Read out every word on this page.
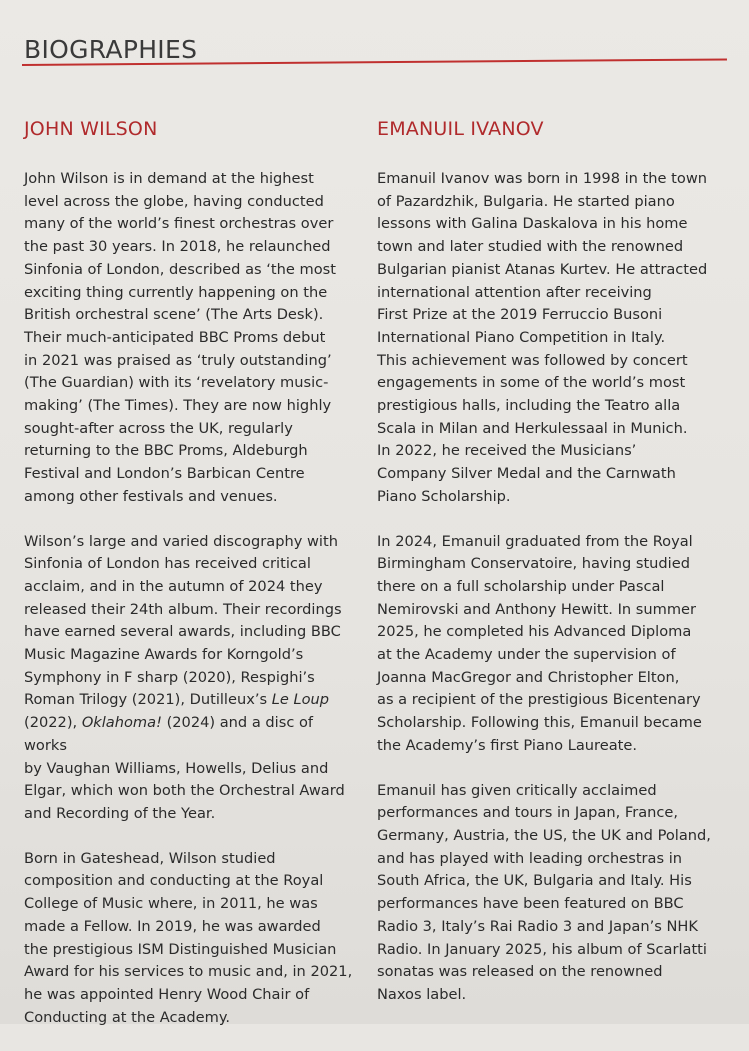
BIOGRAPHIES
JOHN WILSON

John Wilson is in demand at the highest
level across the globe, having conducted
many of the world’s finest orchestras over
the past 30 years. In 2018, he relaunched
Sinfonia of London, described as ‘the most
exciting thing currently happening on the
British orchestral scene’ (The Arts Desk).
Their much-anticipated BBC Proms debut
in 2021 was praised as ‘truly outstanding’
(The Guardian) with its ‘revelatory music-
making’ (The Times). They are now highly
sought-after across the UK, regularly
returning to the BBC Proms, Aldeburgh
Festival and London’s Barbican Centre
among other festivals and venues.

Wilson’s large and varied discography with
Sinfonia of London has received critical
acclaim, and in the autumn of 2024 they
released their 24th album. Their recordings
have earned several awards, including BBC
Music Magazine Awards for Korngold’s
Symphony in F sharp (2020), Respighi’s
Roman Trilogy (2021), Dutilleux’s Le Loup
(2022), Oklahoma! (2024) and a disc of works
by Vaughan Williams, Howells, Delius and
Elgar, which won both the Orchestral Award
and Recording of the Year.

Born in Gateshead, Wilson studied
composition and conducting at the Royal
College of Music where, in 2011, he was
made a Fellow. In 2019, he was awarded
the prestigious ISM Distinguished Musician
Award for his services to music and, in 2021,
he was appointed Henry Wood Chair of
Conducting at the Academy.

EMANUIL IVANOV

Emanuil Ivanov was born in 1998 in the town
of Pazardzhik, Bulgaria. He started piano
lessons with Galina Daskalova in his home
town and later studied with the renowned
Bulgarian pianist Atanas Kurtev. He attracted
international attention after receiving
First Prize at the 2019 Ferruccio Busoni
International Piano Competition in Italy.
This achievement was followed by concert
engagements in some of the world’s most
prestigious halls, including the Teatro alla
Scala in Milan and Herkulessaal in Munich.
In 2022, he received the Musicians’
Company Silver Medal and the Carnwath
Piano Scholarship.

In 2024, Emanuil graduated from the Royal
Birmingham Conservatoire, having studied
there on a full scholarship under Pascal
Nemirovski and Anthony Hewitt. In summer
2025, he completed his Advanced Diploma
at the Academy under the supervision of
Joanna MacGregor and Christopher Elton,
as a recipient of the prestigious Bicentenary
Scholarship. Following this, Emanuil became
the Academy’s first Piano Laureate.

Emanuil has given critically acclaimed
performances and tours in Japan, France,
Germany, Austria, the US, the UK and Poland,
and has played with leading orchestras in
South Africa, the UK, Bulgaria and Italy. His
performances have been featured on BBC
Radio 3, Italy’s Rai Radio 3 and Japan’s NHK
Radio. In January 2025, his album of Scarlatti
sonatas was released on the renowned
Naxos label.
